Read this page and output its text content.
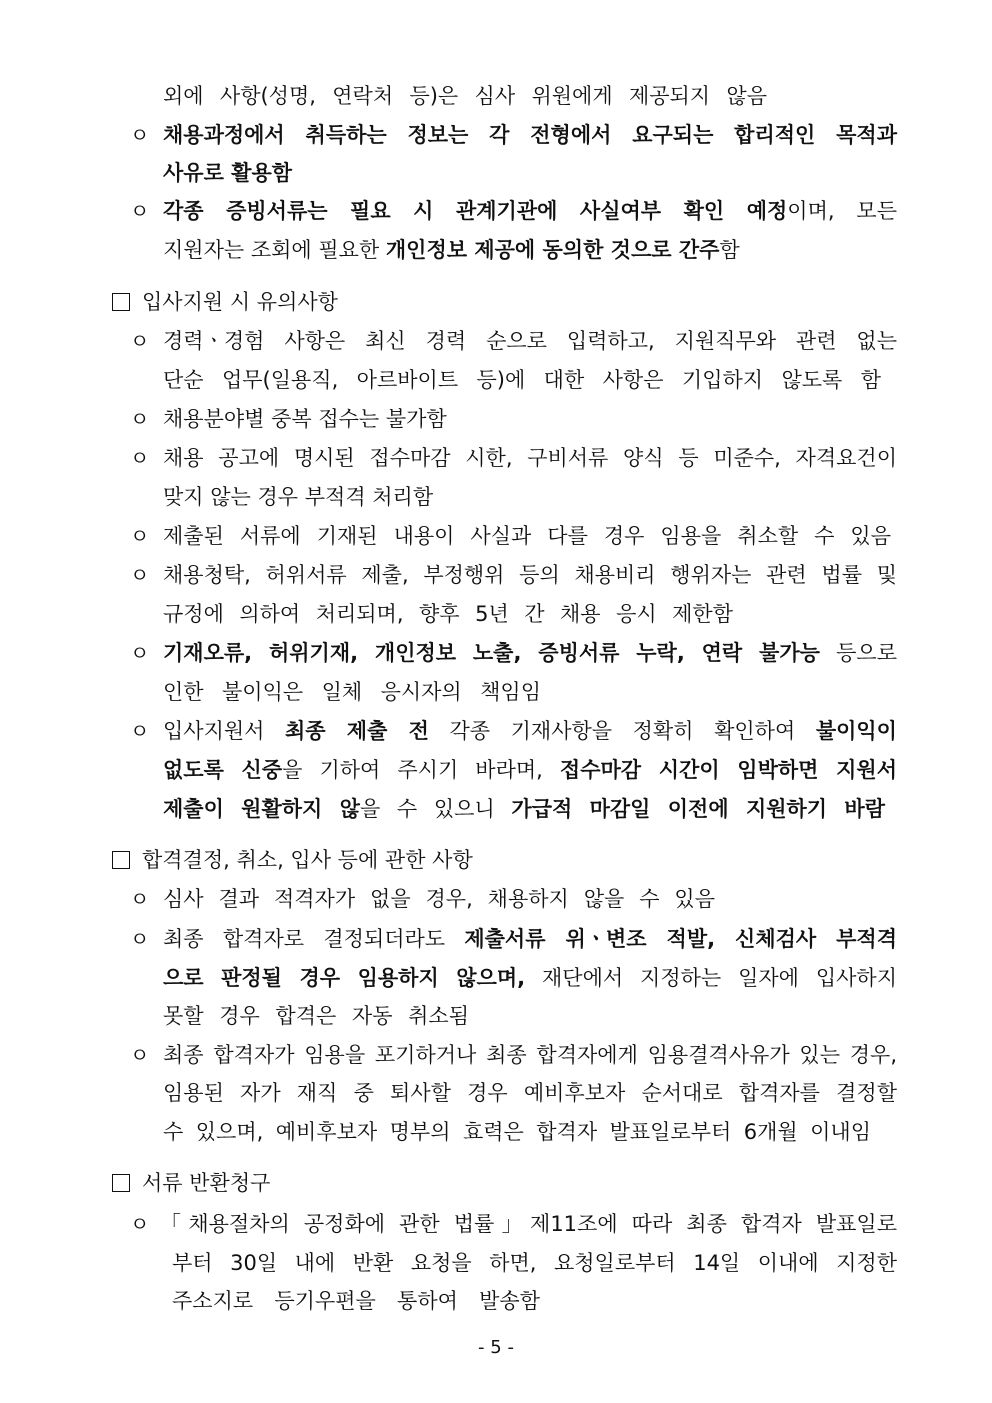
외에 사항(성명, 연락처 등)은 심사 위원에게 제공되지 않음
ㅇ 채용과정에서 취득하는 정보는 각 전형에서 요구되는 합리적인 목적과
사유로 활용함
ㅇ 각종 증빙서류는 필요 시 관계기관에 사실여부 확인 예정이며, 모든
지원자는 조회에 필요한 개인정보 제공에 동의한 것으로 간주함
입사지원 시 유의사항
ㅇ 경력ㆍ경험 사항은 최신 경력 순으로 입력하고, 지원직무와 관련 없는
단순 업무(일용직, 아르바이트 등)에 대한 사항은 기입하지 않도록 함
ㅇ 채용분야별 중복 접수는 불가함
ㅇ 채용 공고에 명시된 접수마감 시한, 구비서류 양식 등 미준수, 자격요건이
맞지 않는 경우 부적격 처리함
ㅇ 제출된 서류에 기재된 내용이 사실과 다를 경우 임용을 취소할 수 있음
ㅇ 채용청탁, 허위서류 제출, 부정행위 등의 채용비리 행위자는 관련 법률 및
규정에 의하여 처리되며, 향후 5년 간 채용 응시 제한함
ㅇ 기재오류, 허위기재, 개인정보 노출, 증빙서류 누락, 연락 불가능 등으로
인한 불이익은 일체 응시자의 책임임
ㅇ 입사지원서 최종 제출 전 각종 기재사항을 정확히 확인하여 불이익이
없도록 신중을 기하여 주시기 바라며, 접수마감 시간이 임박하면 지원서
제출이 원활하지 않을 수 있으니 가급적 마감일 이전에 지원하기 바람
합격결정, 취소, 입사 등에 관한 사항
ㅇ 심사 결과 적격자가 없을 경우, 채용하지 않을 수 있음
ㅇ 최종 합격자로 결정되더라도 제출서류 위ㆍ변조 적발, 신체검사 부적격
으로 판정될 경우 임용하지 않으며, 재단에서 지정하는 일자에 입사하지
못할 경우 합격은 자동 취소됨
ㅇ 최종 합격자가 임용을 포기하거나 최종 합격자에게 임용결격사유가 있는 경우,
임용된 자가 재직 중 퇴사할 경우 예비후보자 순서대로 합격자를 결정할
수 있으며, 예비후보자 명부의 효력은 합격자 발표일로부터 6개월 이내임
서류 반환청구
ㅇ 「채용절차의 공정화에 관한 법률」제11조에 따라 최종 합격자 발표일로
부터 30일 내에 반환 요청을 하면, 요청일로부터 14일 이내에 지정한
주소지로 등기우편을 통하여 발송함
- 5 -
